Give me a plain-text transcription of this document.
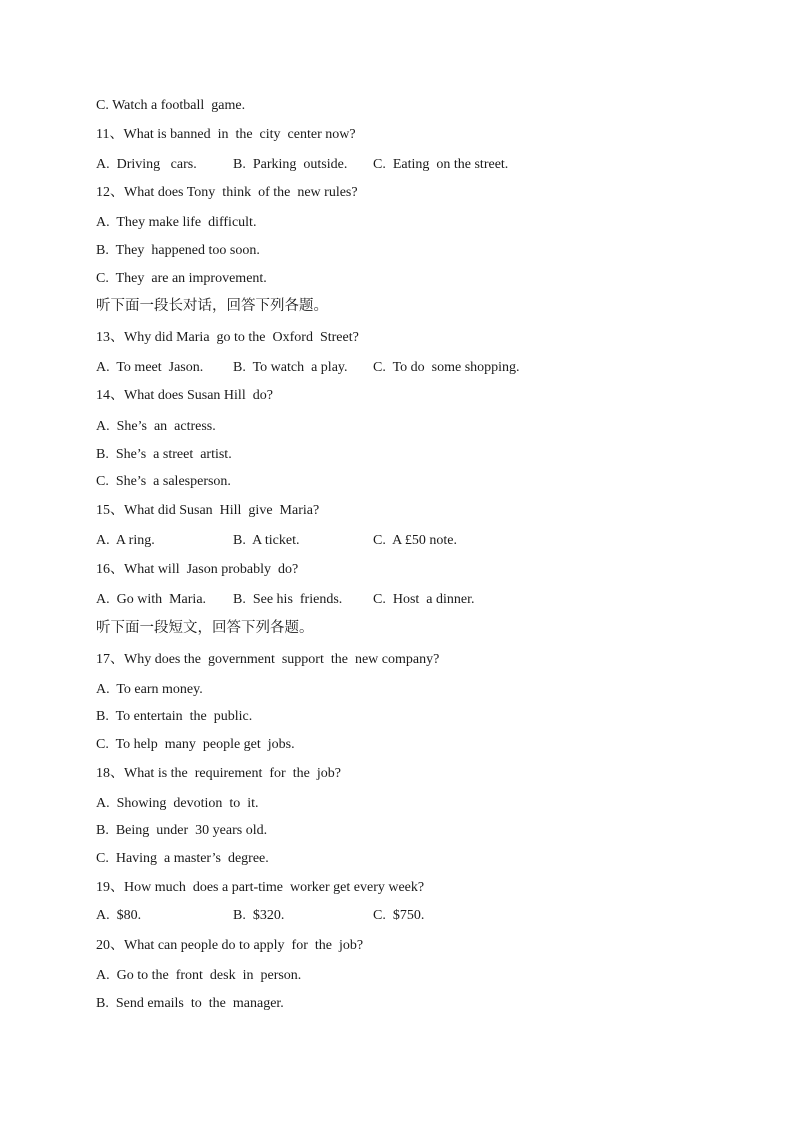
C. Watch a football  game.
11、What is banned  in  the  city  center now?
A.  Driving   cars.	B.  Parking  outside. C.  Eating  on the street.
12、What does Tony  think  of the  new rules?
A.  They make life  difficult.
B.  They  happened too soon.
C.  They  are an improvement.
听下面一段长对话，回答下列各题。
13、Why did Maria  go to the  Oxford  Street?
A.  To meet  Jason. B.  To watch  a play. C.  To do  some shopping.
14、What does Susan Hill  do?
A.  She’s  an  actress.
B.  She’s  a street  artist.
C.  She’s  a salesperson.
15、What did Susan  Hill  give  Maria?
A.  A ring.	B.  A ticket.	C.  A £50 note.
16、What will  Jason probably  do?
A.  Go with  Maria. B.  See his  friends. C.  Host  a dinner.
听下面一段短文，回答下列各题。
17、Why does the  government  support  the  new company?
A.  To earn money.
B.  To entertain  the  public.
C.  To help  many  people get  jobs.
18、What is the  requirement  for  the  job?
A.  Showing  devotion  to  it.
B.  Being  under  30 years old.
C.  Having  a master’s  degree.
19、How much  does a part-time  worker get every week?
A.  $80.	B.  $320.	C.  $750.
20、What can people do to apply  for  the  job?
A.  Go to the  front  desk  in  person.
B.  Send emails  to  the  manager.
